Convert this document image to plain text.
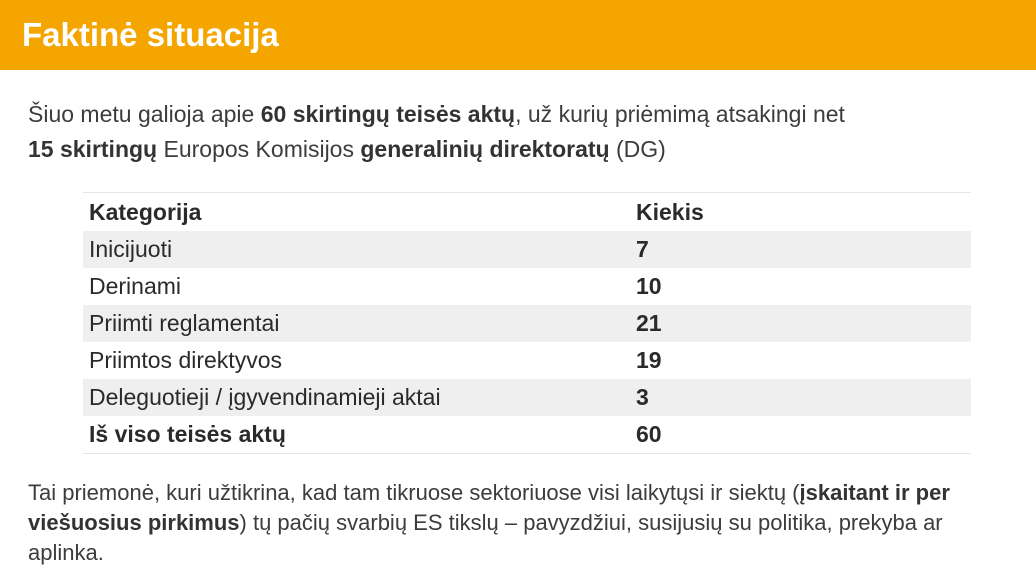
Faktinė situacija

Šiuo metu galioja apie 60 skirtingų teisės aktų, už kurių priėmimą atsakingi net
15 skirtingų Europos Komisijos generalinių direktoratų (DG)

Kategorija	Kiekis
Inicijuoti	7
Derinami	10
Priimti reglamentai	21
Priimtos direktyvos	19
Deleguotieji / įgyvendinamieji aktai	3
Iš viso teisės aktų	60

Tai priemonė, kuri užtikrina, kad tam tikruose sektoriuose visi laikytųsi ir siektų (įskaitant ir per viešuosius pirkimus) tų pačių svarbių ES tikslų – pavyzdžiui, susijusių su politika, prekyba ar aplinka.
